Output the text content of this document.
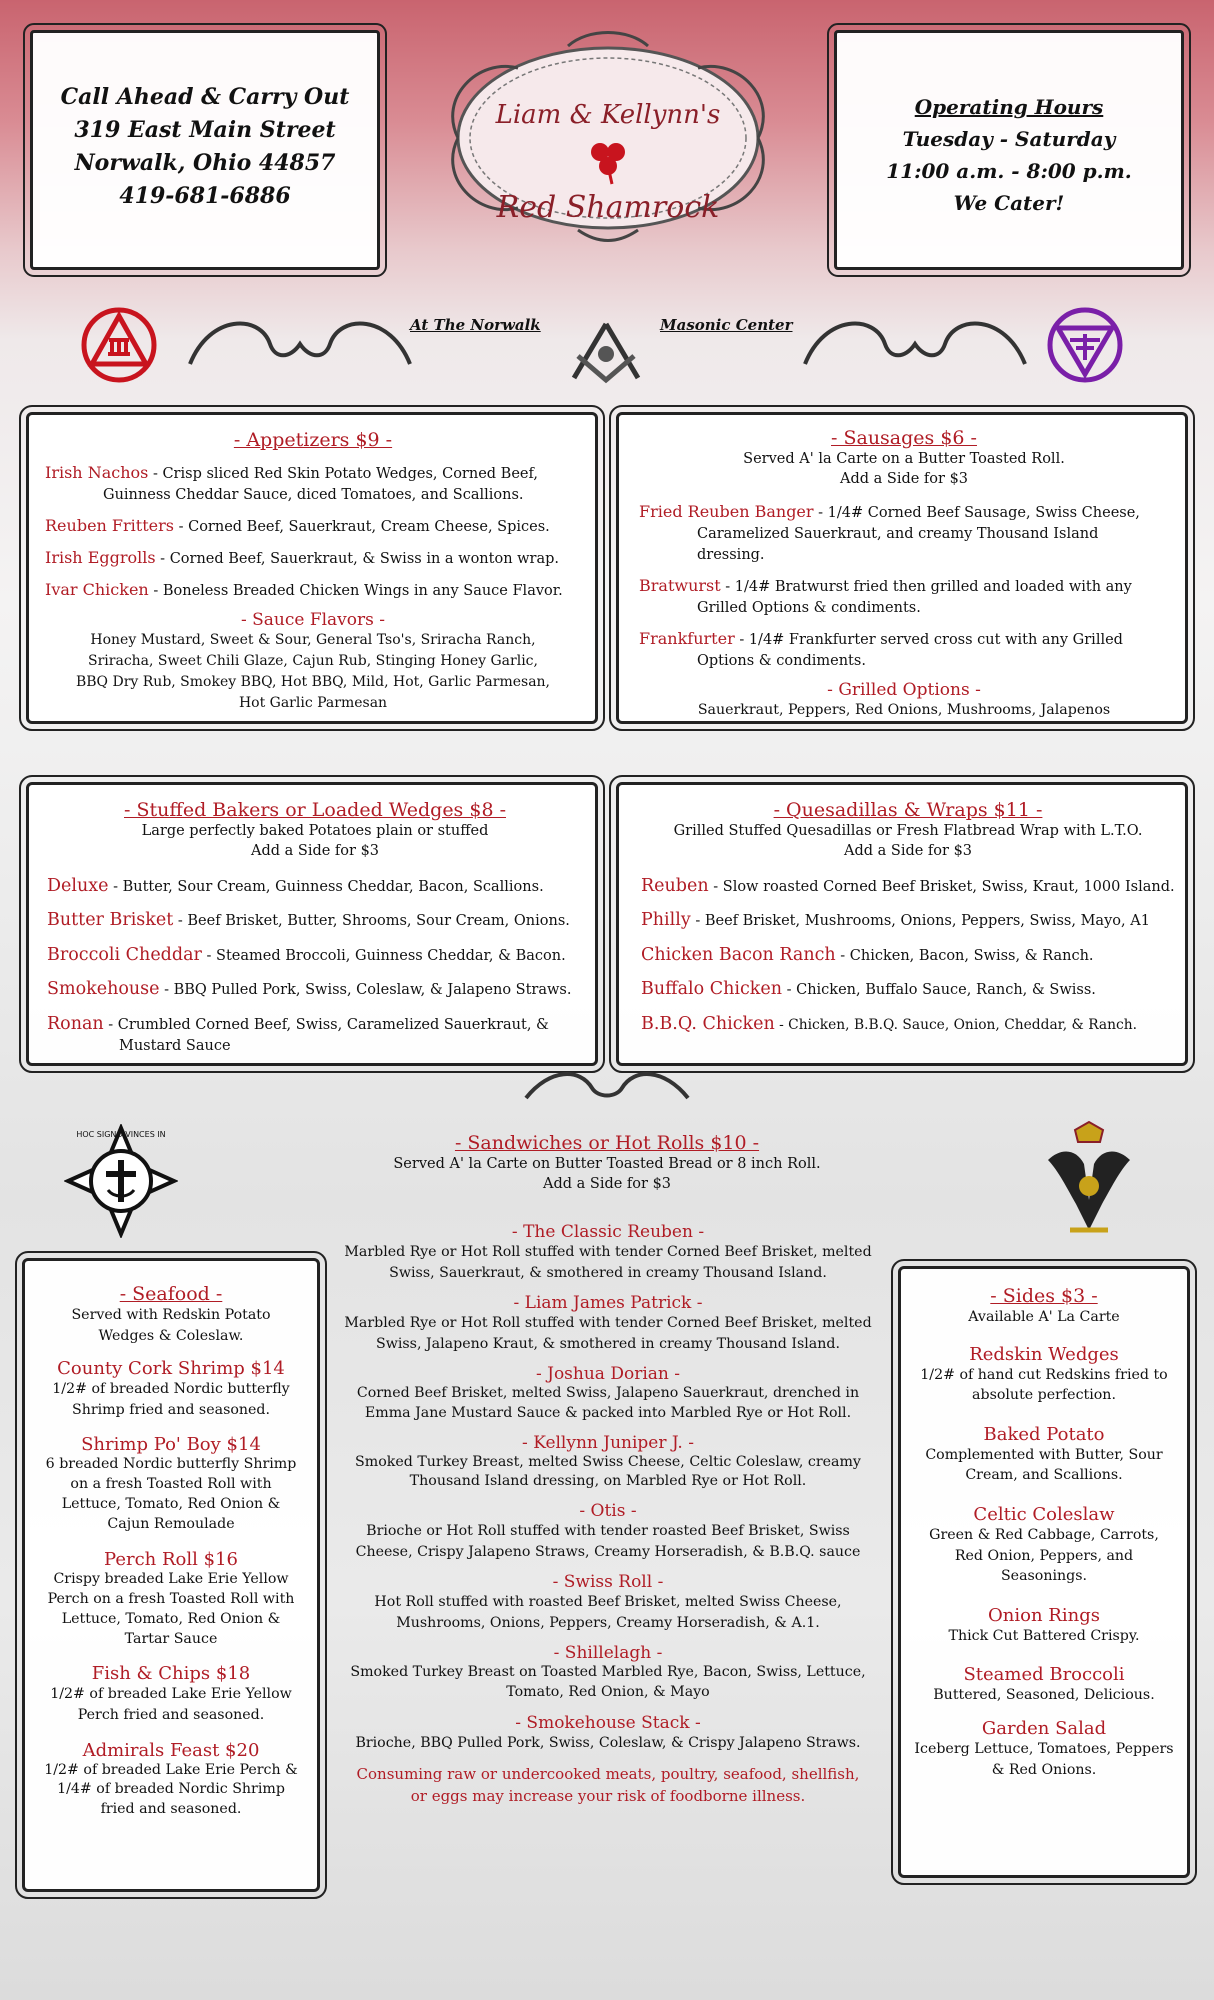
Call Ahead & Carry Out
319 East Main Street
Norwalk, Ohio 44857
419-681-6886
Liam & Kellynn's
Red Shamrock
Operating Hours
Tuesday - Saturday
11:00 a.m. - 8:00 p.m.
We Cater!
At The Norwalk	Masonic Center

- Appetizers $9 -

Irish Nachos - Crisp sliced Red Skin Potato Wedges, Corned Beef, Guinness Cheddar Sauce, diced Tomatoes, and Scallions.

Reuben Fritters - Corned Beef, Sauerkraut, Cream Cheese, Spices.

Irish Eggrolls - Corned Beef, Sauerkraut, & Swiss in a wonton wrap.

Ivar Chicken - Boneless Breaded Chicken Wings in any Sauce Flavor.

- Sauce Flavors -

Honey Mustard, Sweet & Sour, General Tso's, Sriracha Ranch, Sriracha, Sweet Chili Glaze, Cajun Rub, Stinging Honey Garlic, BBQ Dry Rub, Smokey BBQ, Hot BBQ, Mild, Hot, Garlic Parmesan, Hot Garlic Parmesan

- Sausages $6 -

Served A' la Carte on a Butter Toasted Roll.

Add a Side for $3

Fried Reuben Banger - 1/4# Corned Beef Sausage, Swiss Cheese, Caramelized Sauerkraut, and creamy Thousand Island dressing.

Bratwurst - 1/4# Bratwurst fried then grilled and loaded with any Grilled Options & condiments.

Frankfurter - 1/4# Frankfurter served cross cut with any Grilled Options & condiments.

- Grilled Options -

Sauerkraut, Peppers, Red Onions, Mushrooms, Jalapenos

- Stuffed Bakers or Loaded Wedges $8 -

Large perfectly baked Potatoes plain or stuffed

Add a Side for $3

Deluxe - Butter, Sour Cream, Guinness Cheddar, Bacon, Scallions.

Butter Brisket - Beef Brisket, Butter, Shrooms, Sour Cream, Onions.

Broccoli Cheddar - Steamed Broccoli, Guinness Cheddar, & Bacon.

Smokehouse - BBQ Pulled Pork, Swiss, Coleslaw, & Jalapeno Straws.

Ronan - Crumbled Corned Beef, Swiss, Caramelized Sauerkraut, & Mustard Sauce

- Quesadillas & Wraps $11 -

Grilled Stuffed Quesadillas or Fresh Flatbread Wrap with L.T.O.

Add a Side for $3

Reuben - Slow roasted Corned Beef Brisket, Swiss, Kraut, 1000 Island.

Philly - Beef Brisket, Mushrooms, Onions, Peppers, Swiss, Mayo, A1

Chicken Bacon Ranch - Chicken, Bacon, Swiss, & Ranch.

Buffalo Chicken - Chicken, Buffalo Sauce, Ranch, & Swiss.

B.B.Q. Chicken - Chicken, B.B.Q. Sauce, Onion, Cheddar, & Ranch.

- Sandwiches or Hot Rolls $10 -

Served A' la Carte on Butter Toasted Bread or 8 inch Roll.

Add a Side for $3

HOC SIGNO VINCES IN

- Seafood -

Served with Redskin Potato Wedges & Coleslaw.

County Cork Shrimp $14

1/2# of breaded Nordic butterfly Shrimp fried and seasoned.

Shrimp Po' Boy $14

6 breaded Nordic butterfly Shrimp on a fresh Toasted Roll with Lettuce, Tomato, Red Onion & Cajun Remoulade

Perch Roll $16

Crispy breaded Lake Erie Yellow Perch on a fresh Toasted Roll with Lettuce, Tomato, Red Onion & Tartar Sauce

Fish & Chips $18

1/2# of breaded Lake Erie Yellow Perch fried and seasoned.

Admirals Feast $20

1/2# of breaded Lake Erie Perch & 1/4# of breaded Nordic Shrimp fried and seasoned.

- The Classic Reuben -

Marbled Rye or Hot Roll stuffed with tender Corned Beef Brisket, melted Swiss, Sauerkraut, & smothered in creamy Thousand Island.

- Liam James Patrick -

Marbled Rye or Hot Roll stuffed with tender Corned Beef Brisket, melted Swiss, Jalapeno Kraut, & smothered in creamy Thousand Island.

- Joshua Dorian -

Corned Beef Brisket, melted Swiss, Jalapeno Sauerkraut, drenched in Emma Jane Mustard Sauce & packed into Marbled Rye or Hot Roll.

- Kellynn Juniper J. -

Smoked Turkey Breast, melted Swiss Cheese, Celtic Coleslaw, creamy Thousand Island dressing, on Marbled Rye or Hot Roll.

- Otis -

Brioche or Hot Roll stuffed with tender roasted Beef Brisket, Swiss Cheese, Crispy Jalapeno Straws, Creamy Horseradish, & B.B.Q. sauce

- Swiss Roll -

Hot Roll stuffed with roasted Beef Brisket, melted Swiss Cheese, Mushrooms, Onions, Peppers, Creamy Horseradish, & A.1.

- Shillelagh -

Smoked Turkey Breast on Toasted Marbled Rye, Bacon, Swiss, Lettuce, Tomato, Red Onion, & Mayo

- Smokehouse Stack -

Brioche, BBQ Pulled Pork, Swiss, Coleslaw, & Crispy Jalapeno Straws.

Consuming raw or undercooked meats, poultry, seafood, shellfish, or eggs may increase your risk of foodborne illness.

- Sides $3 -

Available A' La Carte

Redskin Wedges

1/2# of hand cut Redskins fried to absolute perfection.

Baked Potato

Complemented with Butter, Sour Cream, and Scallions.

Celtic Coleslaw

Green & Red Cabbage, Carrots, Red Onion, Peppers, and Seasonings.

Onion Rings

Thick Cut Battered Crispy.

Steamed Broccoli

Buttered, Seasoned, Delicious.

Garden Salad

Iceberg Lettuce, Tomatoes, Peppers & Red Onions.
